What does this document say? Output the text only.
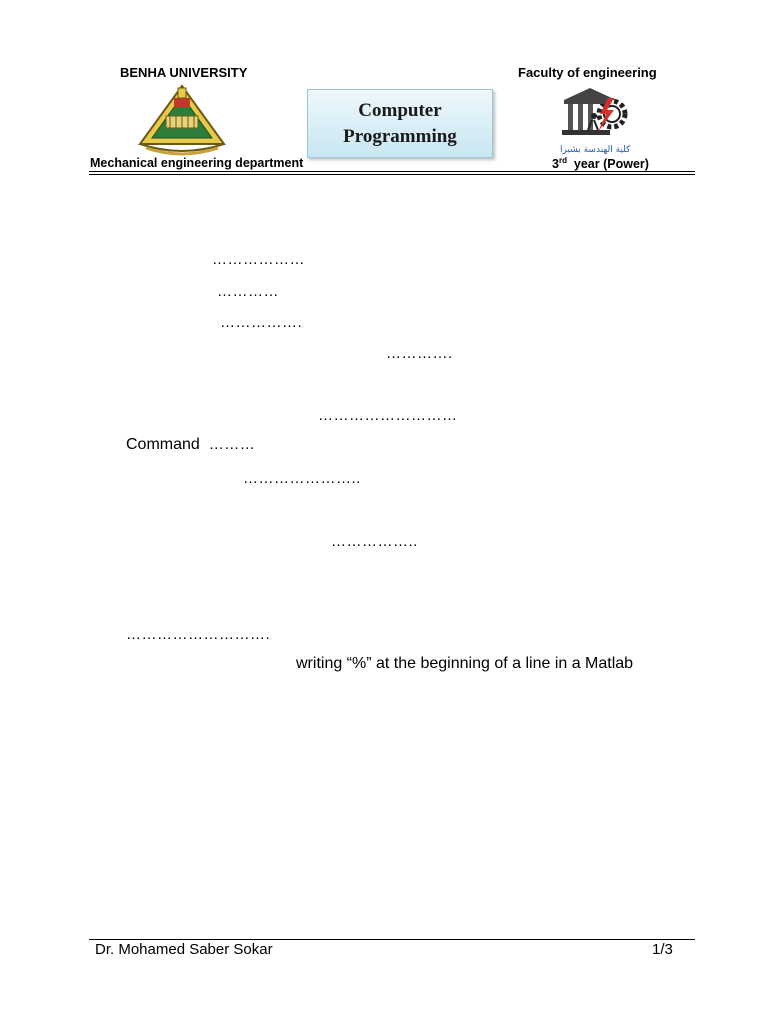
BENHA UNIVERSITY	Faculty of engineering
Computer
Programming
كلية الهندسة بشبرا
Mechanical engineering department	3rd year (Power)
………………
…………
…………….
………….
………………………
Command ………
…………………..
……………..
……………………….
writing “%” at the beginning of a line in a Matlab
Dr. Mohamed Saber Sokar	1/3
